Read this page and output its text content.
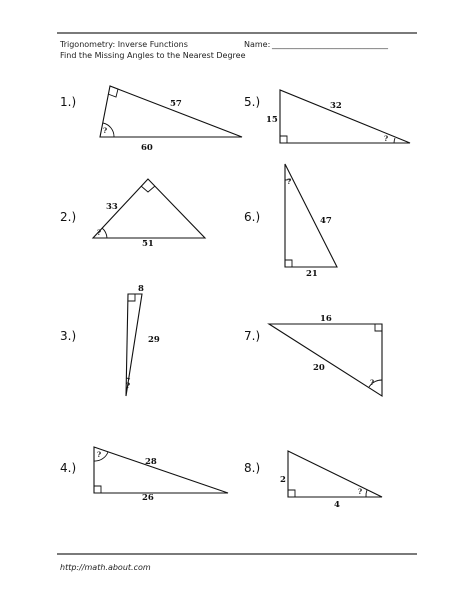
Trigonometry: Inverse Functions
Find the Missing Angles to the Nearest Degree
Name: _____________________________
1.)
2.)
3.)
4.)
5.)
6.)
7.)
8.)
57
60
?
33
51
?
8
29
?
28
26
?
32
15
?
47
21
?
16
20
?
2
4
?
http://math.about.com
